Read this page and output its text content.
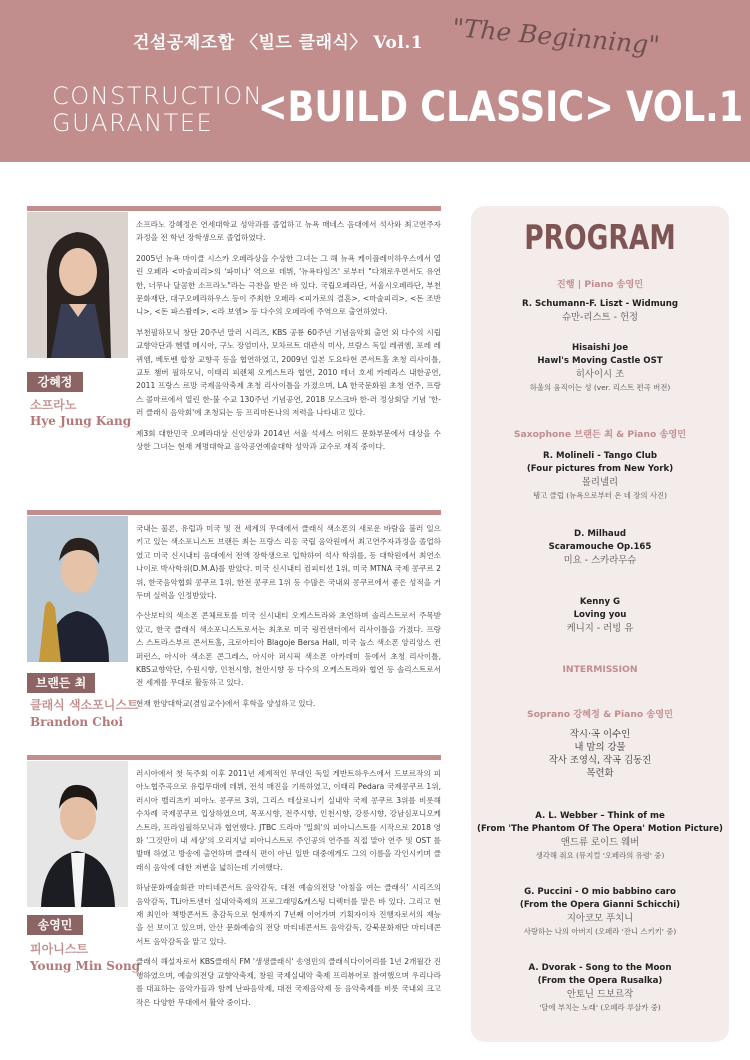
건설공제조합 〈빌드 클래식〉 Vol.1 "The Beginning"
CONSTRUCTION
GUARANTEE	<BUILD CLASSIC> VOL.1
강혜정
소프라노
Hye Jung Kang

소프라노 강혜정은 연세대학교 성악과를 졸업하고 뉴욕 매네스 음대에서 석사와 최고연주자과정을 전 학년 장학생으로 졸업하였다.

2005년 뉴욕 마이클 시스카 오페라상을 수상한 그녀는 그 해 뉴욕 케이플레이하우스에서 열린 오페라 <마술피리>의 '파미나' 역으로 데뷔, '뉴욕타임즈' 로부터 "다채로우면서도 유연한, 너무나 달콤한 소프라노"라는 극찬을 받은 바 있다. 국립오페라단, 서울시오페라단, 부천문화재단, 대구오페라하우스 등이 주최한 오페라 <피가로의 결혼>, <마술피리>, <돈 조반니>, <돈 파스콸레>, <라 보엠> 등 다수의 오페라에 주역으로 출연하였다.

부천필하모닉 창단 20주년 말러 시리즈, KBS 공룡 60주년 기념음악회 출연 외 다수의 시립교향악단과 헨델 메시아, 구노 장엄미사, 모차르트 대관식 미사, 브람스 독일 레퀴엠, 포레 레퀴엠, 베토벤 합창 교향곡 등을 협연하였고, 2009년 일본 도요타현 콘서트홀 초청 리사이틀, 교토 챔버 필하모닉, 이태리 피렌체 오케스트라 협연, 2010 테너 호세 카레라스 내한공연, 2011 프랑스 르망 국제음악축제 초청 리사이틀을 가졌으며, LA 한국문화원 초청 연주, 프랑스 콜마르에서 열린 한-불 수교 130주년 기념공연, 2018 모스크바 한-러 정상회담 기념 '한-러 클래식 음악회'에 초청되는 등 프리마돈나의 저력을 나타내고 있다.

제3회 대한민국 오페라대상 신인상과 2014년 서울 석세스 어워드 문화부문에서 대상을 수상한 그녀는 현재 계명대학교 음악공연예술대학 성악과 교수로 재직 중이다.

브랜든 최
클래식 색소포니스트
Brandon Choi

국내는 물론, 유럽과 미국 및 전 세계의 무대에서 클래식 색소폰의 새로운 바람을 불러 일으키고 있는 색소포니스트 브랜든 최는 프랑스 리옹 국립 음악원에서 최고연주자과정을 졸업하였고 미국 신시내티 음대에서 전액 장학생으로 입학하여 석사 학위를, 동 대학원에서 최연소 나이로 박사학위(D.M.A)를 받았다. 미국 신시내티 컴피티션 1위, 미국 MTNA 국제 콩쿠르 2위, 한국음악협회 콩쿠르 1위, 한전 콩쿠르 1위 등 수많은 국내외 콩쿠르에서 좋은 성적을 거두며 실력을 인정받았다.

수산보티의 색소폰 콘체르토를 미국 신시내티 오케스트라와 초연하며 솔리스트로서 주목받았고, 한국 클래식 색소포니스트로서는 최초로 미국 링컨센터에서 리사이틀을 가졌다. 프랑스 스트라스부르 콘서트홀, 크로아티아 Blagoje Bersa Hall, 미국 놀스 색소폰 앙리앙스 컨퍼런스, 아시아 색소폰 콘그레스, 아시아 퍼시픽 색소폰 아카데미 등에서 초청 리사이틀, KBS교향악단, 수원시향, 인천시향, 천안시향 등 다수의 오케스트라와 협연 등 솔리스트로서 전 세계를 무대로 활동하고 있다.

현재 한양대학교(겸임교수)에서 후학을 양성하고 있다.

송영민
피아니스트
Young Min Song

러시아에서 첫 독주회 이후 2011년 세계적인 무대인 독일 게반트하우스에서 드보르작의 피아노협주곡으로 유럽무대에 데뷔, 전석 매진을 기록하였고, 이태리 Pedara 국제콩쿠르 1위, 러시아 벨리츠키 피아노 콩쿠르 3위, 그리스 테살로니키 실내악 국제 콩쿠르 3위를 비롯해 수차례 국제콩쿠르 입상하였으며, 목포시향, 전주시향, 인천시향, 강릉시향, 강남심포니오케스트라, 프라임필하모닉과 협연했다. JTBC 드라마 '밀회'의 피아니스트를 시작으로 2018 영화 '그것만이 내 세상'의 오리지널 피아니스트로 주인공의 연주를 직접 맡아 연주 및 OST 를 발매 하였고 방송에 출연하며 클래식 편이 아닌 일반 대중에게도 그의 이름을 각인시키며 클래식 음악에 대한 저변을 넓히는데 기여했다.

하남문화예술회관 마티네콘서트 음악감독, 대전 예술의전당 '아침을 여는 클래식' 시리즈의 음악감독, TLi아트센터 실내악축제의 프로그래밍&캐스팅 디렉터를 맡은 바 있다. 그리고 현재 최인아 책방콘서트 총감독으로 현재까지 7년째 이어가며 기획자이자 진행자로서의 재능을 선 보이고 있으며, 안산 문화예술의 전당 마티네콘서트 음악감독, 강북문화재단 마티네콘서트 음악감독을 맡고 있다.

클래식 해설자로서 KBS클래식 FM '생생클래식' 송영민의 클래식다이어리를 1년 2개월간 진행하였으며, 예술의전당 교향악축제, 창원 국제실내악 축제 프리뷰어로 참여했으며 우리나라를 대표하는 음악가들과 함께 난파음악제, 대전 국제음악제 등 음악축제를 비롯 국내외 크고 작은 다양한 무대에서 활약 중이다.

PROGRAM
진행 | Piano 송영민
R. Schumann-F. Liszt - Widmung
슈만-리스트 - 헌정
Hisaishi Joe
Hawl's Moving Castle OST
히사이시 조
하울의 움직이는 성 (ver. 리스트 편곡 버전)
Saxophone 브랜든 최 & Piano 송영민
R. Molineli - Tango Club
(Four pictures from New York)
몰리넬리
탱고 클럽 (뉴욕으로부터 온 네 장의 사진)
D. Milhaud
Scaramouche Op.165
미요 - 스카라무슈
Kenny G
Loving you
케니지 - 러빙 유
INTERMISSION
Soprano 강혜정 & Piano 송영민
작시·곡 이수인
내 맘의 강물
작사 조영식, 작곡 김동진
목련화
A. L. Webber – Think of me
(From 'The Phantom Of The Opera' Motion Picture)
앤드류 로이드 웨버
생각해 줘요 (뮤지컬 '오페라의 유령' 중)
G. Puccini - O mio babbino caro
(From the Opera Gianni Schicchi)
지아코모 푸치니
사랑하는 나의 아버지 (오페라 '잔니 스키키' 중)
A. Dvorak - Song to the Moon
(From the Opera Rusalka)
안토닌 드보르작
'달에 부치는 노래' (오페라 루살카 중)
